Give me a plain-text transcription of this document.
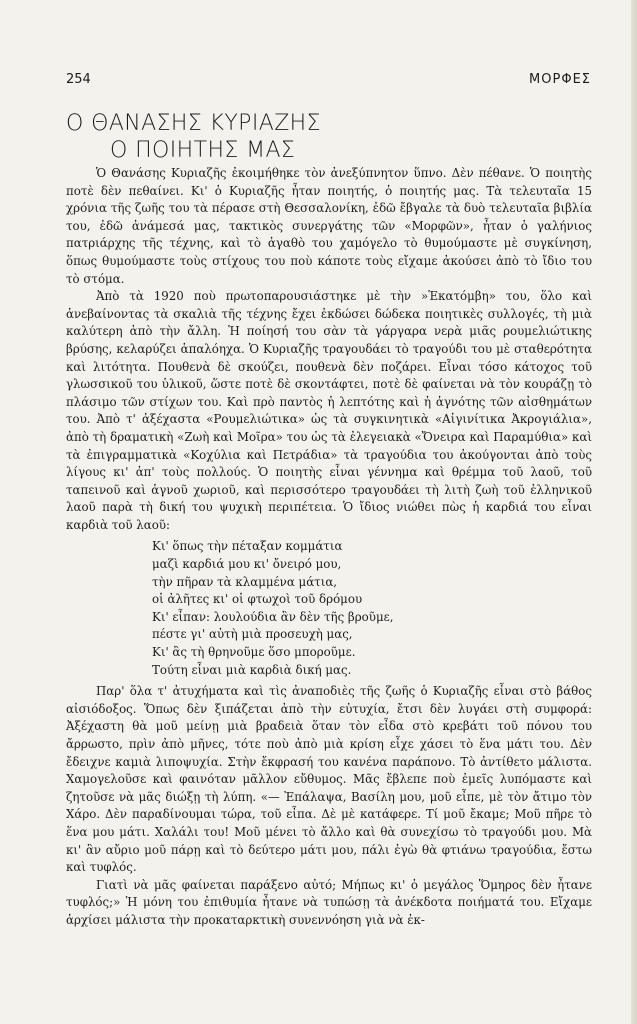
254	ΜΟΡΦΕΣ
Ο ΘΑΝΑΣΗΣ ΚΥΡΙΑΖΗΣ
Ο ΠΟΙΗΤΗΣ ΜΑΣ

Ὁ Θανάσης Κυριαζῆς ἐκοιμήθηκε τὸν ἀνεξύπνητον ὕπνο. Δὲν πέθανε. Ὁ ποιητὴς ποτὲ δὲν πεθαίνει. Κι' ὁ Κυριαζῆς ἦταν ποιητής, ὁ ποιητής μας. Τὰ τελευταῖα 15 χρόνια τῆς ζωῆς του τὰ πέρασε στὴ Θεσσαλονίκη, ἐδῶ ἔβγαλε τὰ δυὸ τελευταῖα βιβλία του, ἐδῶ ἀνάμεσά μας, τακτικὸς συνεργάτης τῶν «Μορφῶν», ἦταν ὁ γαλήνιος πατριάρχης τῆς τέχνης, καὶ τὸ ἀγαθὸ του χαμόγελο τὸ θυμούμαστε μὲ συγκίνηση, ὅπως θυμούμαστε τοὺς στίχους του ποὺ κάποτε τοὺς εἴχαμε ἀκούσει ἀπὸ τὸ ἴδιο του τὸ στόμα.

Ἀπὸ τὰ 1920 ποὺ πρωτοπαρουσιάστηκε μὲ τὴν »Ἑκατόμβη» του, ὅλο καὶ ἀνεβαίνοντας τὰ σκαλιὰ τῆς τέχνης ἔχει ἐκδώσει δώδεκα ποιητικὲς συλλογές, τὴ μιὰ καλύτερη ἀπὸ τὴν ἄλλη. Ἡ ποίησή του σὰν τὰ γάργαρα νερὰ μιᾶς ρουμελιώτικης βρύσης, κελαρύζει ἁπαλόηχα. Ὁ Κυριαζῆς τραγουδάει τὸ τραγούδι του μὲ σταθερότητα καὶ λιτότητα. Πουθενὰ δὲ σκούζει, πουθενὰ δὲν ποζάρει. Εἶναι τόσο κάτοχος τοῦ γλωσσικοῦ του ὑλικοῦ, ὥστε ποτὲ δὲ σκοντάφτει, ποτὲ δὲ φαίνεται νὰ τὸν κουράζῃ τὸ πλάσιμο τῶν στίχων του. Καὶ πρὸ παντὸς ἡ λεπτότης καὶ ἡ ἁγνότης τῶν αἰσθημάτων του. Ἀπὸ τ' ἀξέχαστα «Ρουμελιώτικα» ὡς τὰ συγκινητικὰ «Αἰγινίτικα Ἀκρογιάλια», ἀπὸ τὴ δραματικὴ «Ζωὴ καὶ Μοῖρα» του ὡς τὰ ἐλεγειακὰ «Ὄνειρα καὶ Παραμύθια» καὶ τὰ ἐπιγραμματικὰ «Κοχύλια καὶ Πετράδια» τὰ τραγούδια του ἀκούγονται ἀπὸ τοὺς λίγους κι' ἀπ' τοὺς πολλούς. Ὁ ποιητὴς εἶναι γέννημα καὶ θρέμμα τοῦ λαοῦ, τοῦ ταπεινοῦ καὶ ἁγνοῦ χωριοῦ, καὶ περισσότερο τραγουδάει τὴ λιτὴ ζωὴ τοῦ ἑλληνικοῦ λαοῦ παρὰ τὴ δική του ψυχικὴ περιπέτεια. Ὁ ἴδιος νιώθει πὼς ἡ καρδιά του εἶναι καρδιὰ τοῦ λαοῦ:

Κι' ὅπως τὴν πέταξαν κομμάτια
μαζὶ καρδιά μου κι' ὄνειρό μου,
τὴν πῆραν τὰ κλαμμένα μάτια,
οἱ ἀλῆτες κι' οἱ φτωχοὶ τοῦ δρόμου
Κι' εἶπαν: λουλούδια ἂν δὲν τῆς βροῦμε,
πέστε γι' αὐτὴ μιὰ προσευχὴ μας,
Κι' ἂς τὴ θρηνοῦμε ὅσο μποροῦμε.
Τούτη εἶναι μιὰ καρδιὰ δική μας.

Παρ' ὅλα τ' ἀτυχήματα καὶ τὶς ἀναποδιὲς τῆς ζωῆς ὁ Κυριαζῆς εἶναι στὸ βάθος αἰσιόδοξος. Ὅπως δὲν ξιπάζεται ἀπὸ τὴν εὐτυχία, ἔτσι δὲν λυγάει στὴ συμφορά: Ἀξέχαστη θὰ μοῦ μείνῃ μιὰ βραδειὰ ὅταν τὸν εἶδα στὸ κρεβάτι τοῦ πόνου του ἄρρωστο, πρὶν ἀπὸ μῆνες, τότε ποὺ ἀπὸ μιὰ κρίση εἶχε χάσει τὸ ἕνα μάτι του. Δὲν ἔδειχνε καμιὰ λιποψυχία. Στὴν ἔκφρασή του κανένα παράπονο. Τὸ ἀντίθετο μάλιστα. Χαμογελοῦσε καὶ φαινόταν μᾶλλον εὔθυμος. Μᾶς ἔβλεπε ποὺ ἐμεῖς λυπόμαστε καὶ ζητοῦσε νὰ μᾶς διώξῃ τὴ λύπη. «— Ἐπάλαψα, Βασίλη μου, μοῦ εἶπε, μὲ τὸν ἄτιμο τὸν Χάρο. Δὲν παραδίνουμαι τώρα, τοῦ εἶπα. Δὲ μὲ κατάφερε. Τί μοῦ ἔκαμε; Μοῦ πῆρε τὸ ἕνα μου μάτι. Χαλάλι του! Μοῦ μένει τὸ ἄλλο καὶ θὰ συνεχίσω τὸ τραγούδι μου. Μὰ κι' ἂν αὔριο μοῦ πάρῃ καὶ τὸ δεύτερο μάτι μου, πάλι ἐγὼ θὰ φτιάνω τραγούδια, ἔστω καὶ τυφλός.

Γιατὶ νὰ μᾶς φαίνεται παράξενο αὐτό; Μήπως κι' ὁ μεγάλος Ὅμηρος δὲν ἦτανε τυφλός;» Ἡ μόνη του ἐπιθυμία ἦτανε νὰ τυπώσῃ τὰ ἀνέκδοτα ποιήματά του. Εἴχαμε ἀρχίσει μάλιστα τὴν προκαταρκτικὴ συνεννόηση γιὰ νὰ ἐκ-
